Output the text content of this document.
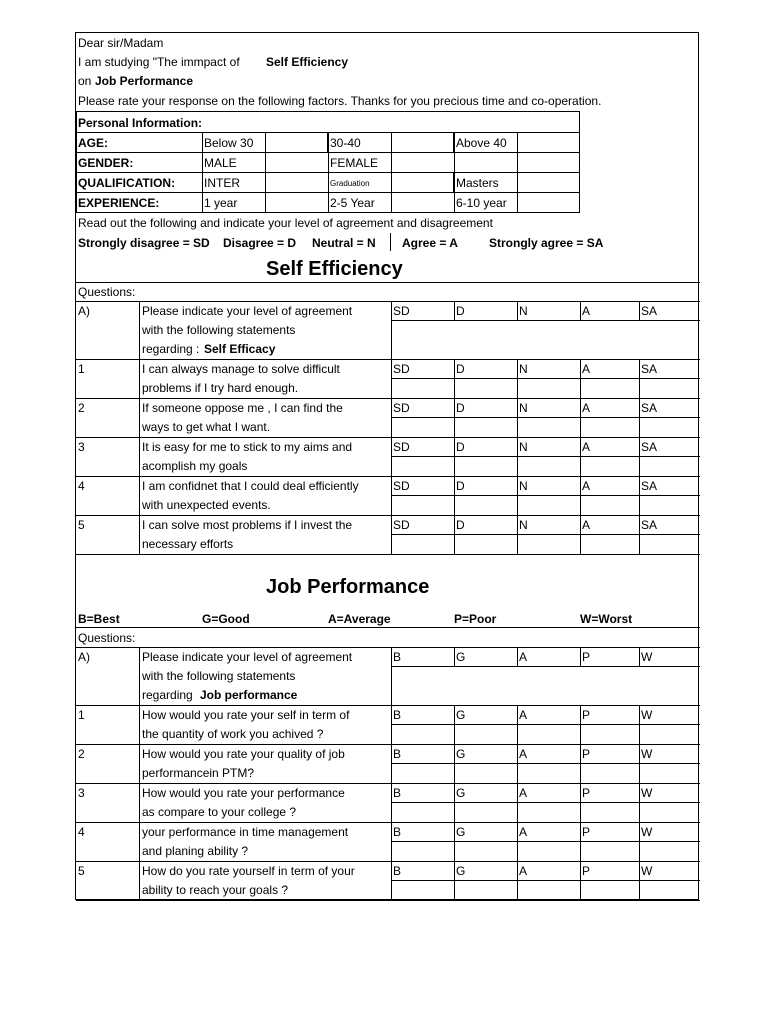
Dear sir/Madam
I am studying "The immpact of Self Efficiency
on Job Performance
Please rate your response on the following factors. Thanks for you precious time and co-operation.
Personal Information:
AGE:	Below 30	30-40	Above 40
GENDER:	MALE	FEMALE
QUALIFICATION: INTER	Graduation	Masters
EXPERIENCE:	1 year	2-5 Year	6-10 year
Read out the following and indicate your level of agreement and disagreement
Strongly disagree = SD Disagree = D Neutral = N Agree = A	Strongly agree = SA
Self Efficiency
Questions:
A)	Please indicate your level of agreement
with the following statements
regarding : Self Efficacy
SD	D	N	A	SA
1	I can always manage to solve difficult
problems if I try hard enough.
SD	D	N	A	SA
2	If someone oppose me , I can find the
ways to get what I want.
SD	D	N	A	SA
3	It is easy for me to stick to my aims and
acomplish my goals
SD	D	N	A	SA
4	I am confidnet that I could deal efficiently
with unexpected events.
SD	D	N	A	SA
5	I can solve most problems if I invest the
necessary efforts
SD	D	N	A	SA
Job Performance
B=Best	G=Good	A=Average	P=Poor	W=Worst
Questions:
A)	Please indicate your level of agreement
with the following statements
regarding Job performance
B	G	A	P	W
1	How would you rate your self in term of
the quantity of work you achived ?
B	G	A	P	W
2	How would you rate your quality of job
performancein PTM?
B	G	A	P	W
3	How would you rate your performance
as compare to your college ?
B	G	A	P	W
4	your performance in time management
and planing ability ?
B	G	A	P	W
5	How do you rate yourself in term of your
ability to reach your goals ?
B	G	A	P	W
